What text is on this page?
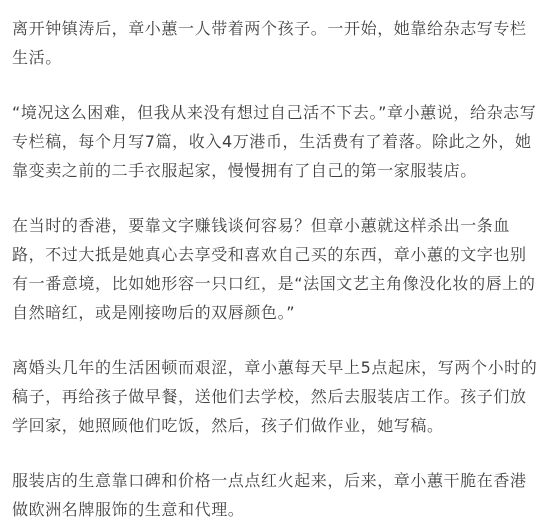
离开钟镇涛后，章小蕙一人带着两个孩子。一开始，她靠给杂志写专栏生活。

“境况这么困难，但我从来没有想过自己活不下去。”章小蕙说，给杂志写专栏稿，每个月写7篇，收入4万港币，生活费有了着落。除此之外，她靠变卖之前的二手衣服起家，慢慢拥有了自己的第一家服装店。

在当时的香港，要靠文字赚钱谈何容易？但章小蕙就这样杀出一条血路，不过大抵是她真心去享受和喜欢自己买的东西，章小蕙的文字也别有一番意境，比如她形容一只口红，是“法国文艺主角像没化妆的唇上的自然暗红，或是刚接吻后的双唇颜色。”

离婚头几年的生活困顿而艰涩，章小蕙每天早上5点起床，写两个小时的稿子，再给孩子做早餐，送他们去学校，然后去服装店工作。孩子们放学回家，她照顾他们吃饭，然后，孩子们做作业，她写稿。

服装店的生意靠口碑和价格一点点红火起来，后来，章小蕙干脆在香港做欧洲名牌服饰的生意和代理。
